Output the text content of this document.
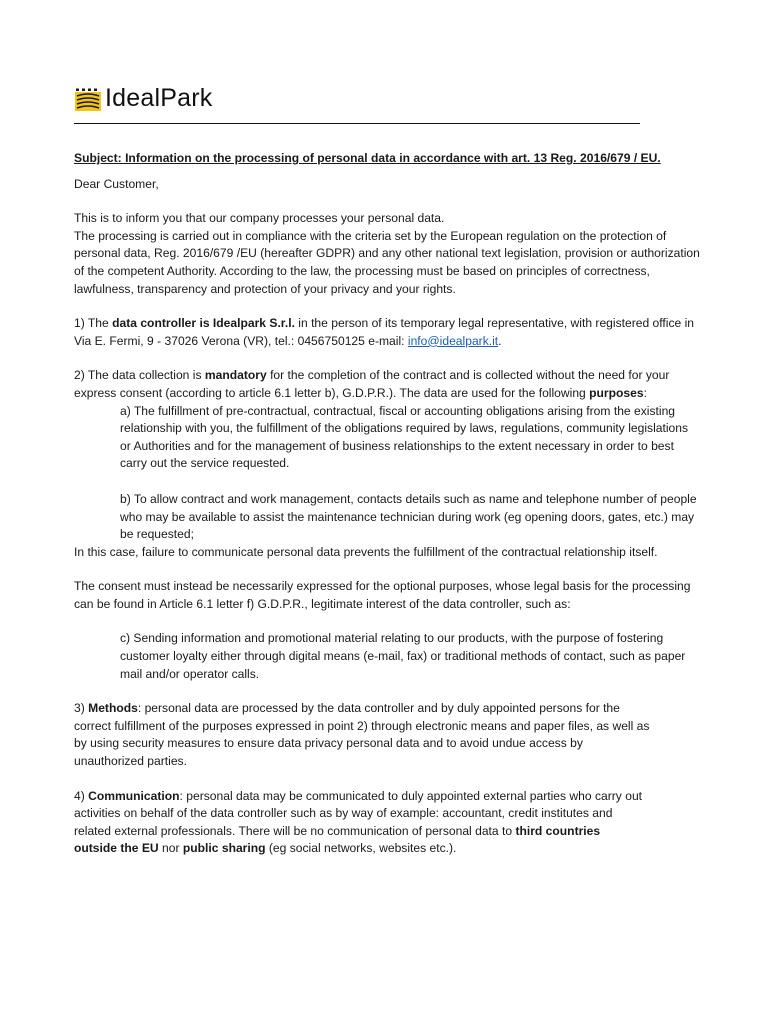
IdealPark

Subject: Information on the processing of personal data in accordance with art. 13 Reg. 2016/679 / EU.

Dear Customer,

This is to inform you that our company processes your personal data.
The processing is carried out in compliance with the criteria set by the European regulation on the protection of personal data, Reg. 2016/679 /EU (hereafter GDPR) and any other national text legislation, provision or authorization of the competent Authority. According to the law, the processing must be based on principles of correctness, lawfulness, transparency and protection of your privacy and your rights.

1) The data controller is Idealpark S.r.l. in the person of its temporary legal representative, with registered office in Via E. Fermi, 9 - 37026 Verona (VR), tel.: 0456750125 e-mail: info@idealpark.it.

2) The data collection is mandatory for the completion of the contract and is collected without the need for your express consent (according to article 6.1 letter b), G.D.P.R.). The data are used for the following purposes:

a) The fulfillment of pre-contractual, contractual, fiscal or accounting obligations arising from the existing relationship with you, the fulfillment of the obligations required by laws, regulations, community legislations or Authorities and for the management of business relationships to the extent necessary in order to best carry out the service requested.

b) To allow contract and work management, contacts details such as name and telephone number of people who may be available to assist the maintenance technician during work (eg opening doors, gates, etc.) may be requested;

In this case, failure to communicate personal data prevents the fulfillment of the contractual relationship itself.

The consent must instead be necessarily expressed for the optional purposes, whose legal basis for the processing can be found in Article 6.1 letter f) G.D.P.R., legitimate interest of the data controller, such as:

c) Sending information and promotional material relating to our products, with the purpose of fostering customer loyalty either through digital means (e-mail, fax) or traditional methods of contact, such as paper mail and/or operator calls.

3) Methods: personal data are processed by the data controller and by duly appointed persons for the correct fulfillment of the purposes expressed in point 2) through electronic means and paper files, as well as by using security measures to ensure data privacy personal data and to avoid undue access by unauthorized parties.

4) Communication: personal data may be communicated to duly appointed external parties who carry out activities on behalf of the data controller such as by way of example: accountant, credit institutes and related external professionals. There will be no communication of personal data to third countries outside the EU nor public sharing (eg social networks, websites etc.).
